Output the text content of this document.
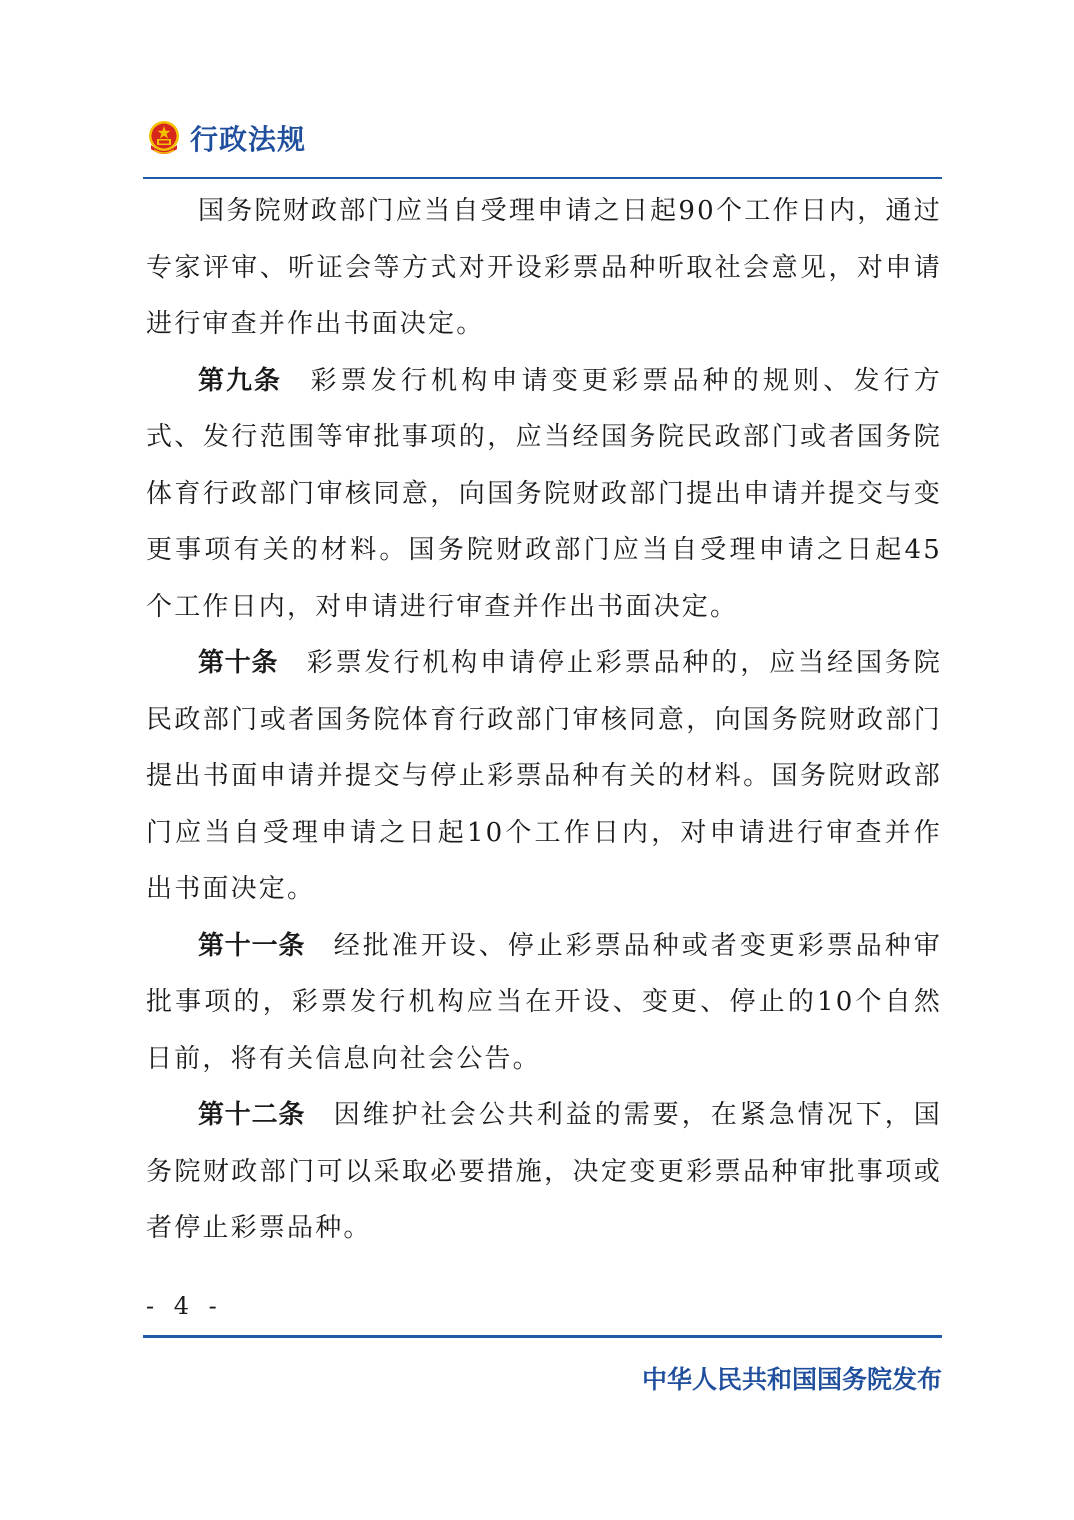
行政法规

国务院财政部门应当自受理申请之日起90个工作日内，通过专家评审、听证会等方式对开设彩票品种听取社会意见，对申请进行审查并作出书面决定。

第九条 彩票发行机构申请变更彩票品种的规则、发行方式、发行范围等审批事项的，应当经国务院民政部门或者国务院体育行政部门审核同意，向国务院财政部门提出申请并提交与变更事项有关的材料。国务院财政部门应当自受理申请之日起45个工作日内，对申请进行审查并作出书面决定。

第十条 彩票发行机构申请停止彩票品种的，应当经国务院民政部门或者国务院体育行政部门审核同意，向国务院财政部门提出书面申请并提交与停止彩票品种有关的材料。国务院财政部门应当自受理申请之日起10个工作日内，对申请进行审查并作出书面决定。

第十一条 经批准开设、停止彩票品种或者变更彩票品种审批事项的，彩票发行机构应当在开设、变更、停止的10个自然日前，将有关信息向社会公告。

第十二条 因维护社会公共利益的需要，在紧急情况下，国务院财政部门可以采取必要措施，决定变更彩票品种审批事项或者停止彩票品种。

- 4 -
中华人民共和国国务院发布
